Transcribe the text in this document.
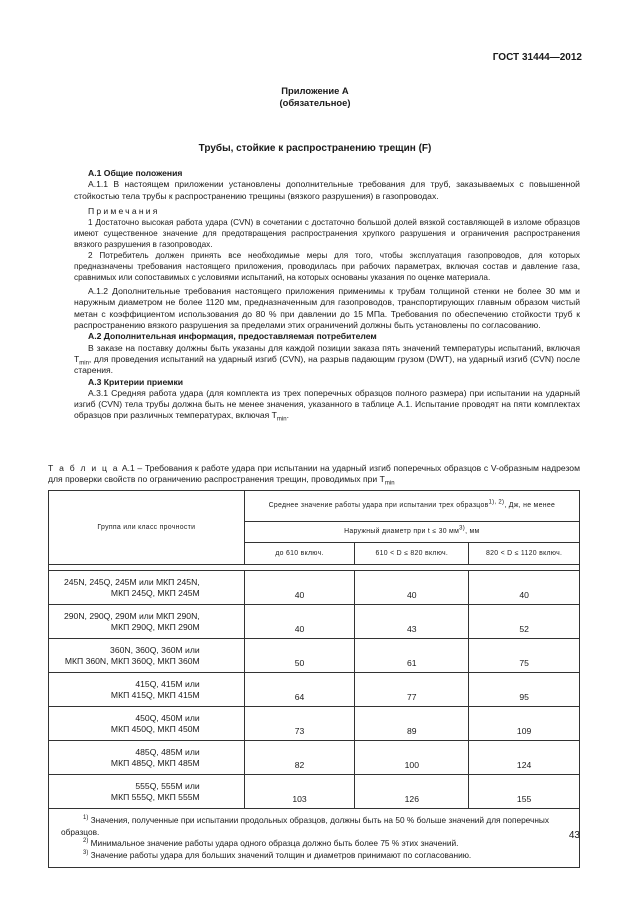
ГОСТ 31444—2012
Приложение А
(обязательное)
Трубы, стойкие к распространению трещин (F)

А.1 Общие положения

А.1.1 В настоящем приложении установлены дополнительные требования для труб, заказываемых с повышенной стойкостью тела трубы к распространению трещины (вязкого разрушения) в газопроводах.

Примечания

1 Достаточно высокая работа удара (CVN) в сочетании с достаточно большой долей вязкой составляющей в изломе образцов имеют существенное значение для предотвращения распространения хрупкого разрушения и ограничения распространения вязкого разрушения в газопроводах.

2 Потребитель должен принять все необходимые меры для того, чтобы эксплуатация газопроводов, для которых предназначены требования настоящего приложения, проводилась при рабочих параметрах, включая состав и давление газа, сравнимых или сопоставимых с условиями испытаний, на которых основаны указания по оценке материала.

А.1.2 Дополнительные требования настоящего приложения применимы к трубам толщиной стенки не более 30 мм и наружным диаметром не более 1120 мм, предназначенным для газопроводов, транспортирующих главным образом чистый метан с коэффициентом использования до 80 % при давлении до 15 МПа. Требования по обеспечению стойкости труб к распространению вязкого разрушения за пределами этих ограничений должны быть установлены по согласованию.

А.2 Дополнительная информация, предоставляемая потребителем

В заказе на поставку должны быть указаны для каждой позиции заказа пять значений температуры испытаний, включая $T_{min}$, для проведения испытаний на ударный изгиб (CVN), на разрыв падающим грузом (DWT), на ударный изгиб (CVN) после старения.

А.3 Критерии приемки

А.3.1 Средняя работа удара (для комплекта из трех поперечных образцов полного размера) при испытании на ударный изгиб (CVN) тела трубы должна быть не менее значения, указанного в таблице А.1. Испытание проводят на пяти комплектах образцов при различных температурах, включая $T_{min}$.

Т а б л и ц а А.1 – Требования к работе удара при испытании на ударный изгиб поперечных образцов с V-образным надрезом для проверки свойств по ограничению распространения трещин, проводимых при $T_{min}$
Группа или класс прочности	Среднее значение работы удара при испытании трех образцов$^{1), 2)}$, Дж, не менее		
	Наружный диаметр при t ≤ 30 $мм^{3)}$, мм		
	до 610 включ.	610 < D ≤ 820 включ.	820 < D ≤ 1120 включ.

245N, 245Q, 245M или МКП 245N,
МКП 245Q, МКП 245M	40	40	40

290N, 290Q, 290M или МКП 290N,
МКП 290Q, МКП 290M	40	43	52

360N, 360Q, 360M или
МКП 360N, МКП 360Q, МКП 360M	50	61	75

415Q, 415M или
МКП 415Q, МКП 415M	64	77	95

450Q, 450M или
МКП 450Q, МКП 450M	73	89	109

485Q, 485M или
МКП 485Q, МКП 485M	82	100	124

555Q, 555M или
МКП 555Q, МКП 555M	103	126	155

$^{1)}$ Значения, полученные при испытании продольных образцов, должны быть на 50 % больше значений для поперечных образцов.

$^{2)}$ Минимальное значение работы удара одного образца должно быть более 75 % этих значений.

$^{3)}$ Значение работы удара для больших значений толщин и диаметров принимают по согласованию.			

43
